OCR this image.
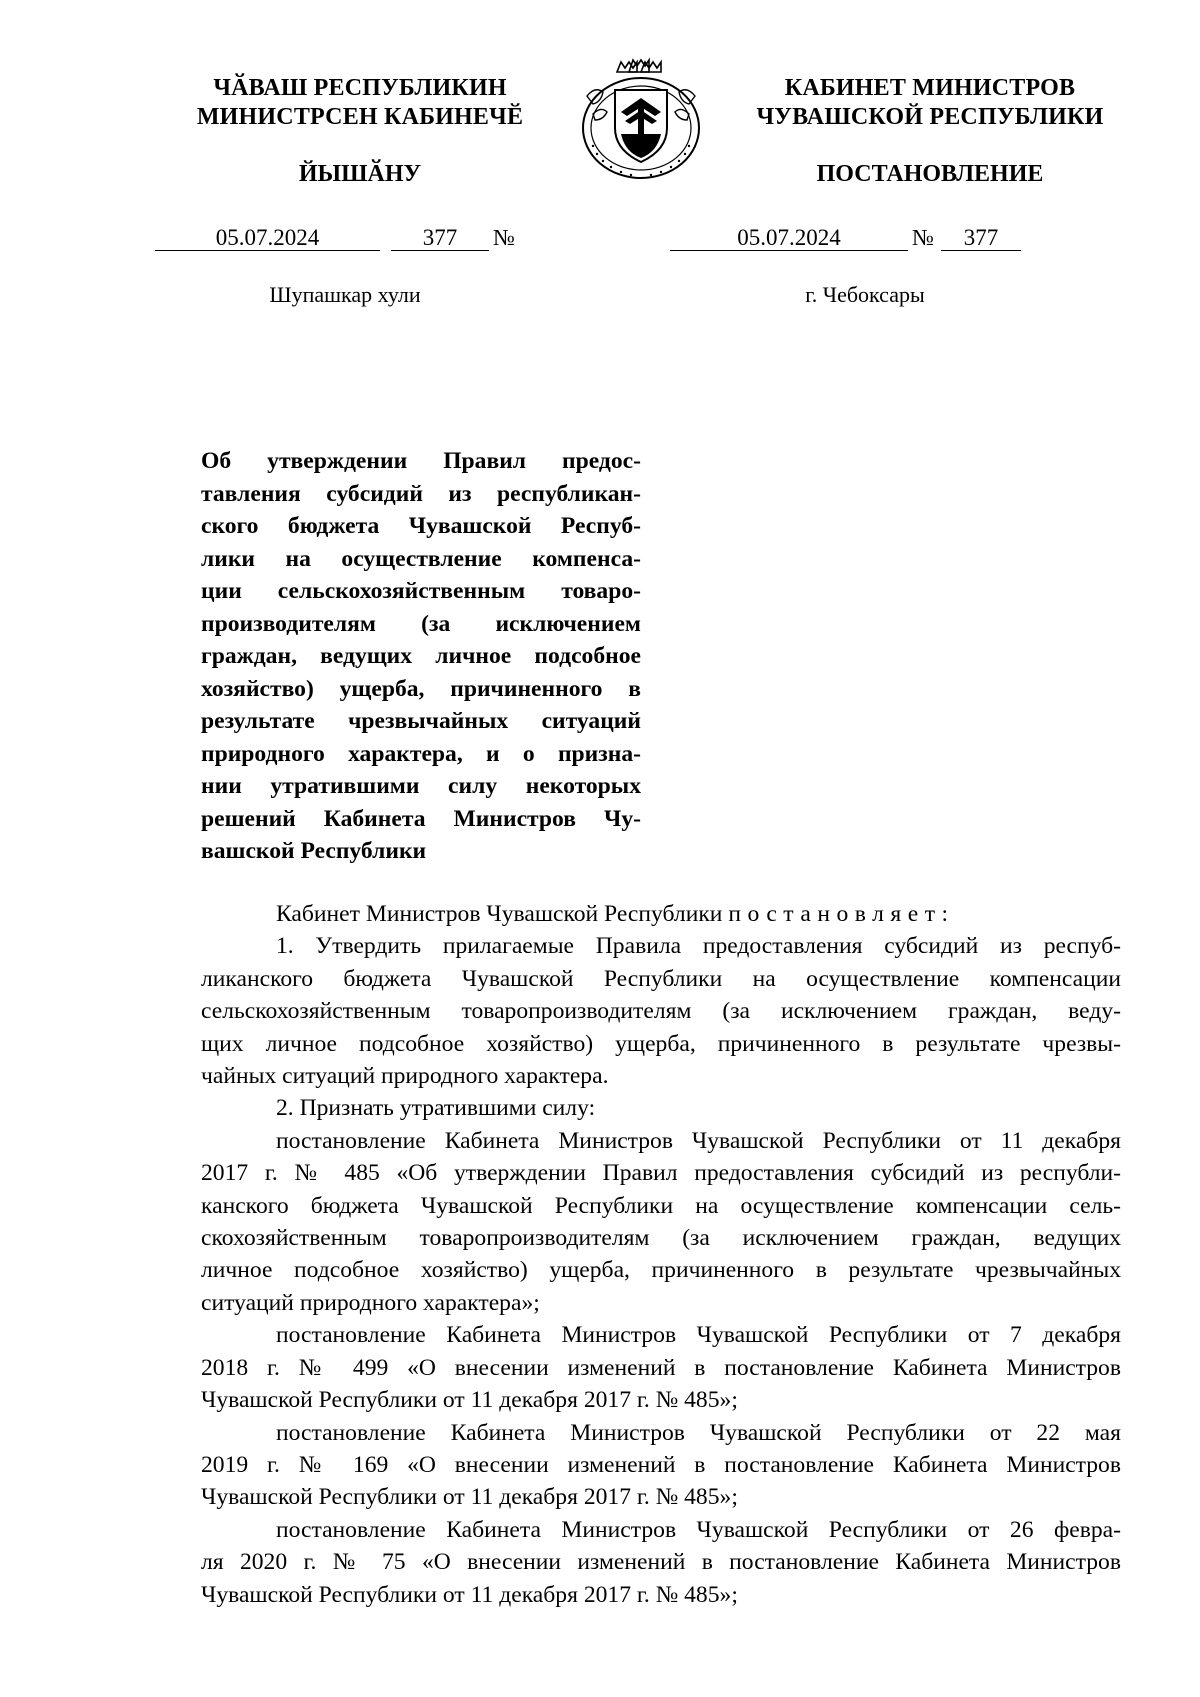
ЧӐВАШ РЕСПУБЛИКИН
МИНИСТРСЕН КАБИНЕЧӖ
ЙЫШӐНУ
КАБИНЕТ МИНИСТРОВ
ЧУВАШСКОЙ РЕСПУБЛИКИ
ПОСТАНОВЛЕНИЕ
05.07.2024	377	№	05.07.2024	№	377
Шупашкар хули	г. Чебоксары
Об утверждении Правил предос-
тавления субсидий из республикан-
ского бюджета Чувашской Респуб-
лики на осуществление компенса-
ции сельскохозяйственным товаро-
производителям (за исключением
граждан, ведущих личное подсобное
хозяйство) ущерба, причиненного в
результате чрезвычайных ситуаций
природного характера, и о призна-
нии утратившими силу некоторых
решений Кабинета Министров Чу-
вашской Республики
Кабинет Министров Чувашской Республики постановляет:
1. Утвердить прилагаемые Правила предоставления субсидий из респуб-
ликанского бюджета Чувашской Республики на осуществление компенсации
сельскохозяйственным товаропроизводителям (за исключением граждан, веду-
щих личное подсобное хозяйство) ущерба, причиненного в результате чрезвы-
чайных ситуаций природного характера.
2. Признать утратившими силу:
постановление Кабинета Министров Чувашской Республики от 11 декабря
2017 г. № 485 «Об утверждении Правил предоставления субсидий из республи-
канского бюджета Чувашской Республики на осуществление компенсации сель-
скохозяйственным товаропроизводителям (за исключением граждан, ведущих
личное подсобное хозяйство) ущерба, причиненного в результате чрезвычайных
ситуаций природного характера»;
постановление Кабинета Министров Чувашской Республики от 7 декабря
2018 г. № 499 «О внесении изменений в постановление Кабинета Министров
Чувашской Республики от 11 декабря 2017 г. № 485»;
постановление Кабинета Министров Чувашской Республики от 22 мая
2019 г. № 169 «О внесении изменений в постановление Кабинета Министров
Чувашской Республики от 11 декабря 2017 г. № 485»;
постановление Кабинета Министров Чувашской Республики от 26 февра-
ля 2020 г. № 75 «О внесении изменений в постановление Кабинета Министров
Чувашской Республики от 11 декабря 2017 г. № 485»;
